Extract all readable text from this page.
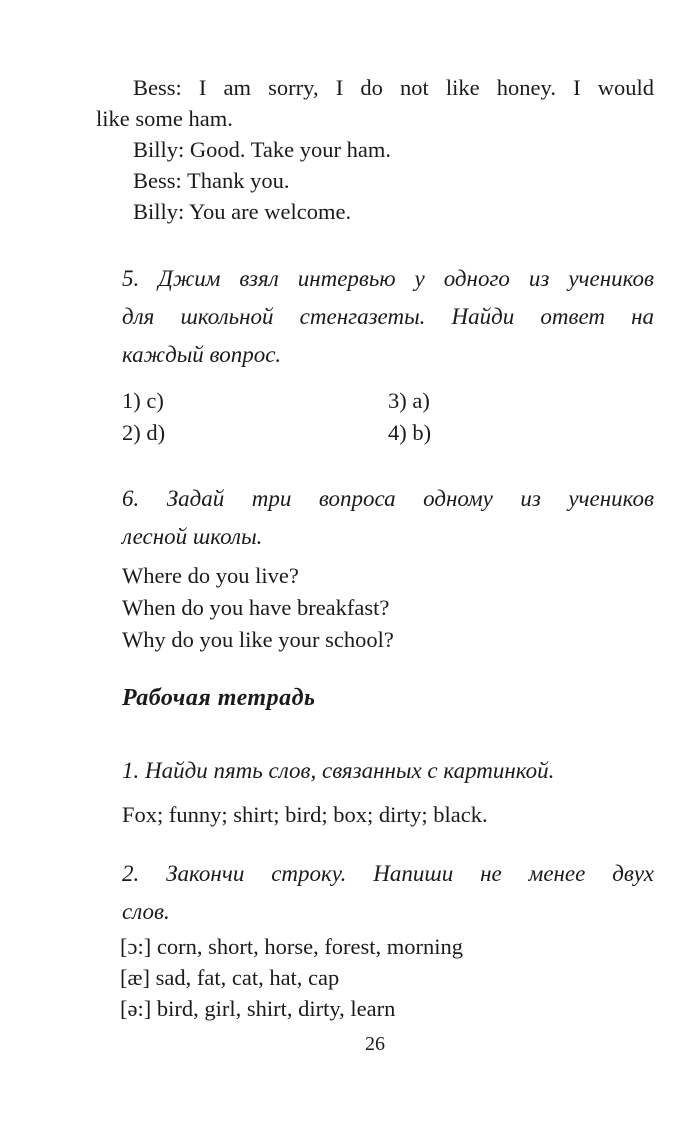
Bess: I am sorry, I do not like honey. I would
like some ham.
Billy: Good. Take your ham.
Bess: Thank you.
Billy: You are welcome.
5. Джим взял интервью у одного из учеников
для школьной стенгазеты. Найди ответ на
каждый вопрос.
1) c)
2) d)
3) a)
4) b)
6. Задай три вопроса одному из учеников
лесной школы.
Where do you live?
When do you have breakfast?
Why do you like your school?
Рабочая тетрадь
1. Найди пять слов, связанных с картинкой.
Fox; funny; shirt; bird; box; dirty; black.
2. Закончи строку. Напиши не менее двух
слов.
[ɔ:] corn, short, horse, forest, morning
[æ] sad, fat, cat, hat, cap
[ə:] bird, girl, shirt, dirty, learn
26
